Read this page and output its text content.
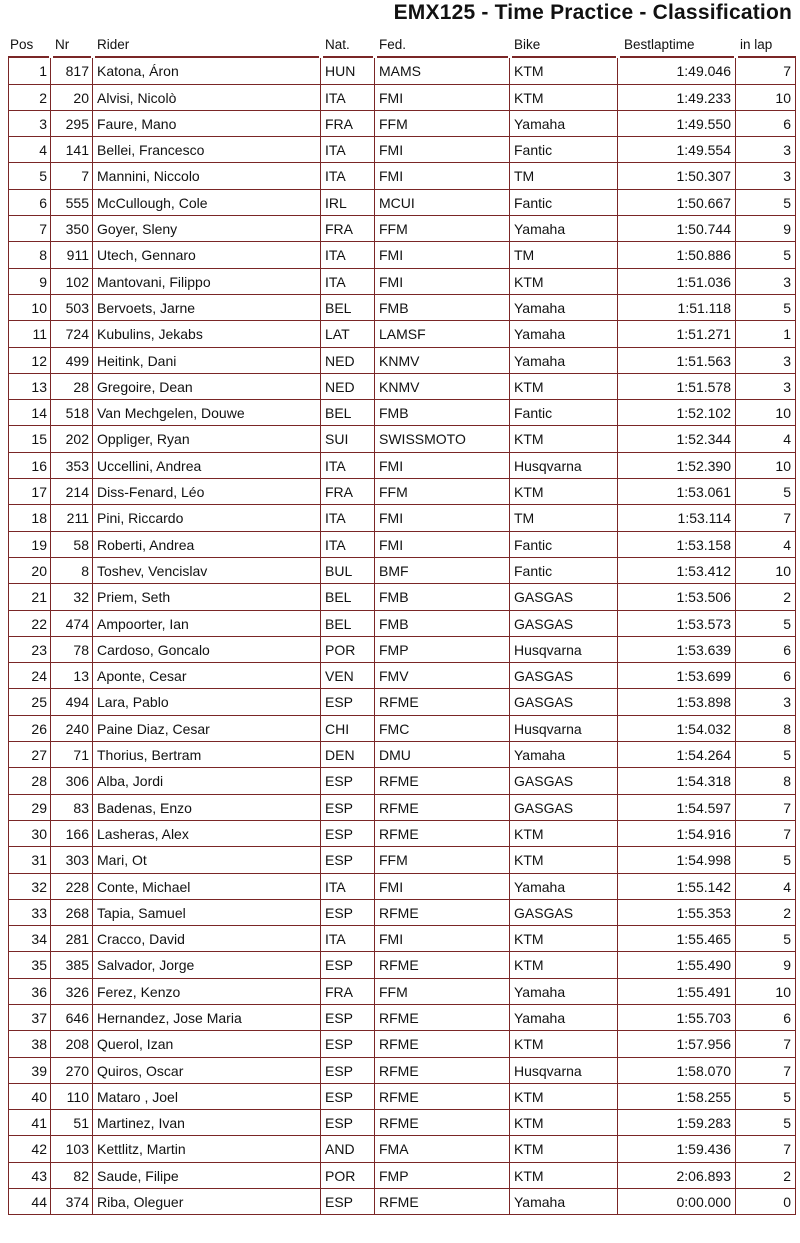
EMX125 - Time Practice - Classification
Pos	Nr	Rider	Nat.	Fed.	Bike	Bestlaptime	in lap
1	817 Katona, Áron	HUN	MAMS	KTM	1:49.046	7
2	20 Alvisi, Nicolò	ITA	FMI	KTM	1:49.233	10
3	295 Faure, Mano	FRA	FFM	Yamaha	1:49.550	6
4	141 Bellei, Francesco	ITA	FMI	Fantic	1:49.554	3
5	7 Mannini, Niccolo	ITA	FMI	TM	1:50.307	3
6	555 McCullough, Cole	IRL	MCUI	Fantic	1:50.667	5
7	350 Goyer, Sleny	FRA	FFM	Yamaha	1:50.744	9
8	911 Utech, Gennaro	ITA	FMI	TM	1:50.886	5
9	102 Mantovani, Filippo	ITA	FMI	KTM	1:51.036	3
10	503 Bervoets, Jarne	BEL	FMB	Yamaha	1:51.118	5
11	724 Kubulins, Jekabs	LAT	LAMSF	Yamaha	1:51.271	1
12	499 Heitink, Dani	NED	KNMV	Yamaha	1:51.563	3
13	28 Gregoire, Dean	NED	KNMV	KTM	1:51.578	3
14	518 Van Mechgelen, Douwe	BEL	FMB	Fantic	1:52.102	10
15	202 Oppliger, Ryan	SUI	SWISSMOTO	KTM	1:52.344	4
16	353 Uccellini, Andrea	ITA	FMI	Husqvarna	1:52.390	10
17	214 Diss-Fenard, Léo	FRA	FFM	KTM	1:53.061	5
18	211 Pini, Riccardo	ITA	FMI	TM	1:53.114	7
19	58 Roberti, Andrea	ITA	FMI	Fantic	1:53.158	4
20	8 Toshev, Vencislav	BUL	BMF	Fantic	1:53.412	10
21	32 Priem, Seth	BEL	FMB	GASGAS	1:53.506	2
22	474 Ampoorter, Ian	BEL	FMB	GASGAS	1:53.573	5
23	78 Cardoso, Goncalo	POR	FMP	Husqvarna	1:53.639	6
24	13 Aponte, Cesar	VEN	FMV	GASGAS	1:53.699	6
25	494 Lara, Pablo	ESP	RFME	GASGAS	1:53.898	3
26	240 Paine Diaz, Cesar	CHI	FMC	Husqvarna	1:54.032	8
27	71 Thorius, Bertram	DEN	DMU	Yamaha	1:54.264	5
28	306 Alba, Jordi	ESP	RFME	GASGAS	1:54.318	8
29	83 Badenas, Enzo	ESP	RFME	GASGAS	1:54.597	7
30	166 Lasheras, Alex	ESP	RFME	KTM	1:54.916	7
31	303 Mari, Ot	ESP	FFM	KTM	1:54.998	5
32	228 Conte, Michael	ITA	FMI	Yamaha	1:55.142	4
33	268 Tapia, Samuel	ESP	RFME	GASGAS	1:55.353	2
34	281 Cracco, David	ITA	FMI	KTM	1:55.465	5
35	385 Salvador, Jorge	ESP	RFME	KTM	1:55.490	9
36	326 Ferez, Kenzo	FRA	FFM	Yamaha	1:55.491	10
37	646 Hernandez, Jose Maria	ESP	RFME	Yamaha	1:55.703	6
38	208 Querol, Izan	ESP	RFME	KTM	1:57.956	7
39	270 Quiros, Oscar	ESP	RFME	Husqvarna	1:58.070	7
40	110 Mataro , Joel	ESP	RFME	KTM	1:58.255	5
41	51 Martinez, Ivan	ESP	RFME	KTM	1:59.283	5
42	103 Kettlitz, Martin	AND	FMA	KTM	1:59.436	7
43	82 Saude, Filipe	POR	FMP	KTM	2:06.893	2
44	374 Riba, Oleguer	ESP	RFME	Yamaha	0:00.000	0
